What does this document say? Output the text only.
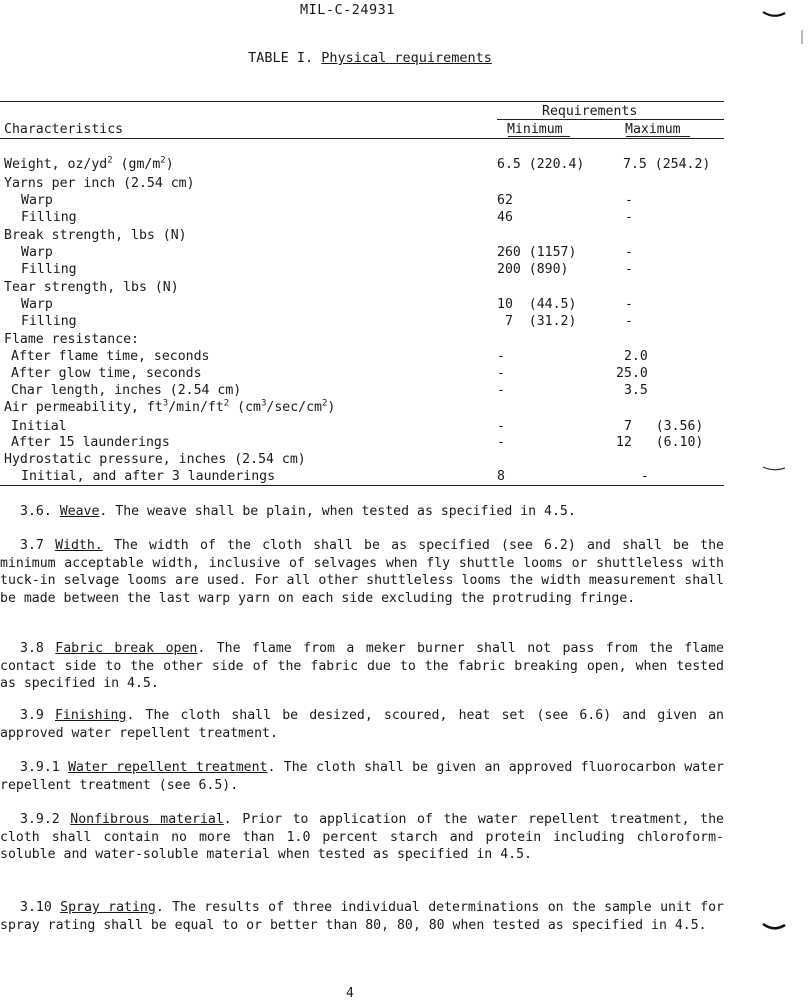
MIL-C-24931
TABLE I. Physical requirements
Requirements
Characteristics	Minimum	Maximum
Weight, $oz/yd^2$ $(gm/m^2)$	6.5 (220.4)	7.5 (254.2)
Yarns per inch (2.54 cm)
Warp	62	-
Filling	46	-
Break strength, lbs (N)
Warp	260 (1157)	-
Filling	200 (890)	-
Tear strength, lbs (N)
Warp	10  (44.5)	-
Filling	7  (31.2)	-
Flame resistance:
After flame time, seconds	-	2.0
After glow time, seconds	-	25.0
Char length, inches (2.54 cm)	-	3.5
Air permeability, $ft^3/\min/ft^2$ $(cm^3/\sec/cm^2)$
Initial	-	7   (3.56)
After 15 launderings	-	12   (6.10)
Hydrostatic pressure, inches (2.54 cm)
Initial, and after 3 launderings	8	-
3.6. Weave. The weave shall be plain, when tested as specified in 4.5.
3.7 Width. The width of the cloth shall be as specified (see 6.2) and shall be the minimum acceptable width, inclusive of selvages when fly shuttle looms or shuttleless with tuck-in selvage looms are used. For all other shuttleless looms the width measurement shall be made between the last warp yarn on each side excluding the protruding fringe.
3.8 Fabric break open. The flame from a meker burner shall not pass from the flame contact side to the other side of the fabric due to the fabric breaking open, when tested as specified in 4.5.
3.9 Finishing. The cloth shall be desized, scoured, heat set (see 6.6) and given an approved water repellent treatment.
3.9.1 Water repellent treatment. The cloth shall be given an approved fluorocarbon water repellent treatment (see 6.5).
3.9.2 Nonfibrous material. Prior to application of the water repellent treatment, the cloth shall contain no more than 1.0 percent starch and protein including chloroform-soluble and water-soluble material when tested as specified in 4.5.
3.10 Spray rating. The results of three individual determinations on the sample unit for spray rating shall be equal to or better than 80, 80, 80 when tested as specified in 4.5.
4
